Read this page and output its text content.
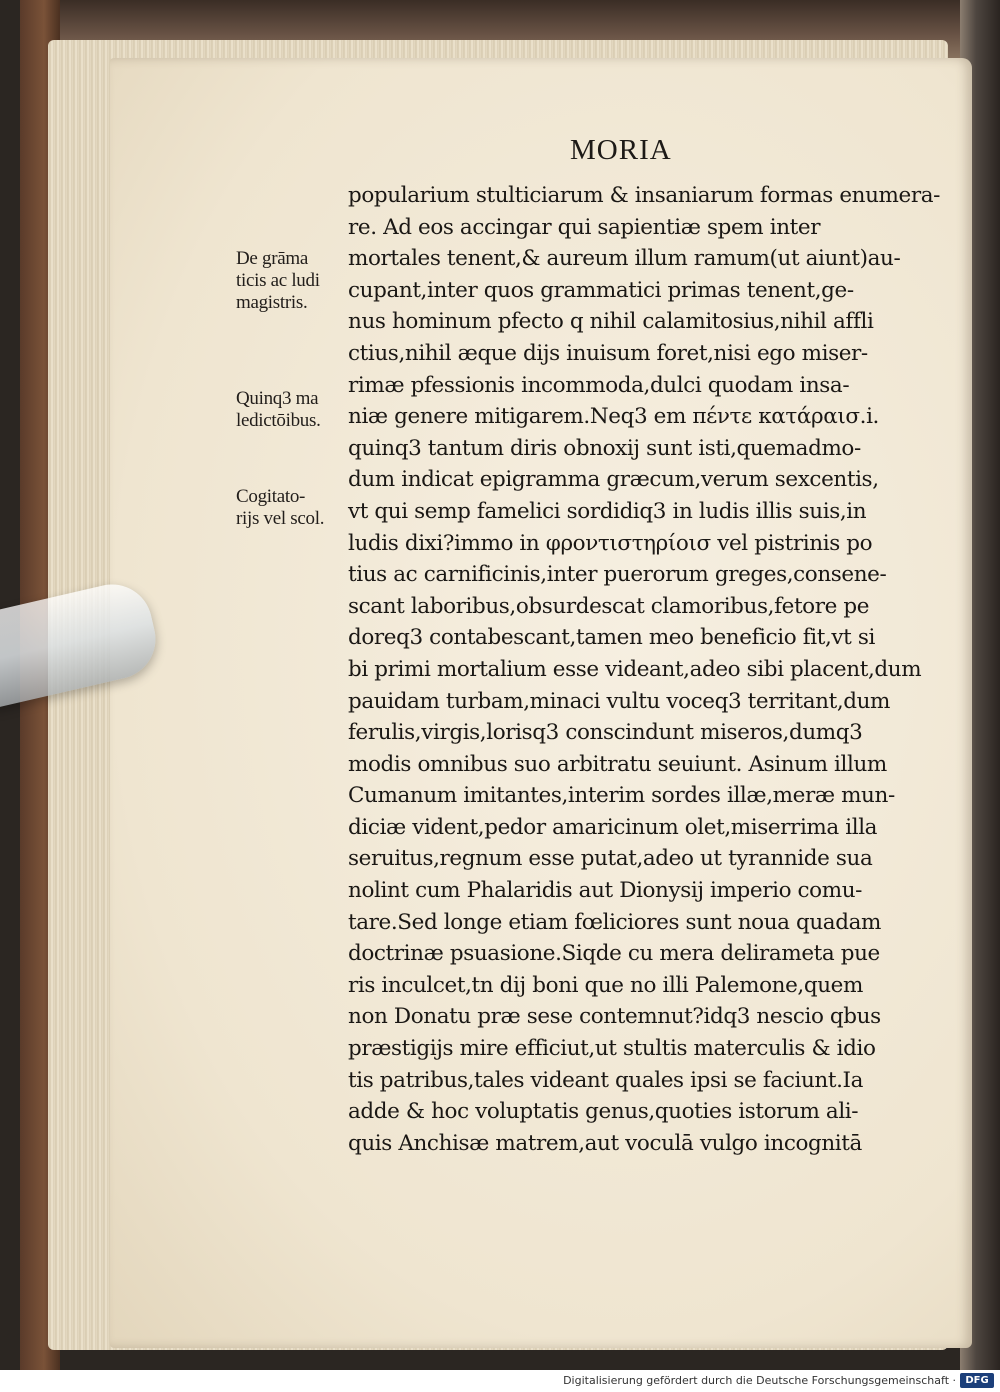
MORIA
De grāma
ticis ac ludi
magistris.
Quinq3 ma
ledictōibus.
Cogitato-
rijs vel scol.
popularium stulticiarum & insaniarum formas enumera-
re. Ad eos accingar qui sapientiæ spem inter
mortales tenent,& aureum illum ramum(ut aiunt)au-
cupant,inter quos grammatici primas tenent,ge-
nus hominum pfecto q nihil calamitosius,nihil affli
ctius,nihil æque dijs inuisum foret,nisi ego miser-
rimæ pfessionis incommoda,dulci quodam insa-
niæ genere mitigarem.Neq3 em πέντε κατάραισ.i.
quinq3 tantum diris obnoxij sunt isti,quemadmo-
dum indicat epigramma græcum,verum sexcentis,
vt qui semp famelici sordidiq3 in ludis illis suis,in
ludis dixi?immo in φροντιστηρίοισ vel pistrinis po
tius ac carnificinis,inter puerorum greges,consene-
scant laboribus,obsurdescat clamoribus,fetore pe
doreq3 contabescant,tamen meo beneficio fit,vt si
bi primi mortalium esse videant,adeo sibi placent,dum
pauidam turbam,minaci vultu voceq3 territant,dum
ferulis,virgis,lorisq3 conscindunt miseros,dumq3
modis omnibus suo arbitratu seuiunt. Asinum illum
Cumanum imitantes,interim sordes illæ,meræ mun-
diciæ vident,pedor amaricinum olet,miserrima illa
seruitus,regnum esse putat,adeo ut tyrannide sua
nolint cum Phalaridis aut Dionysij imperio comu-
tare.Sed longe etiam fœliciores sunt noua quadam
doctrinæ psuasione.Siqde cu mera delirameta pue
ris inculcet,tn dij boni que no illi Palemone,quem
non Donatu præ sese contemnut?idq3 nescio qbus
præstigijs mire efficiut,ut stultis materculis & idio
tis patribus,tales videant quales ipsi se faciunt.Ia
adde & hoc voluptatis genus,quoties istorum ali-
quis Anchisæ matrem,aut voculā vulgo incognitā
Digitalisierung gefördert durch die Deutsche Forschungsgemeinschaft · DFG
